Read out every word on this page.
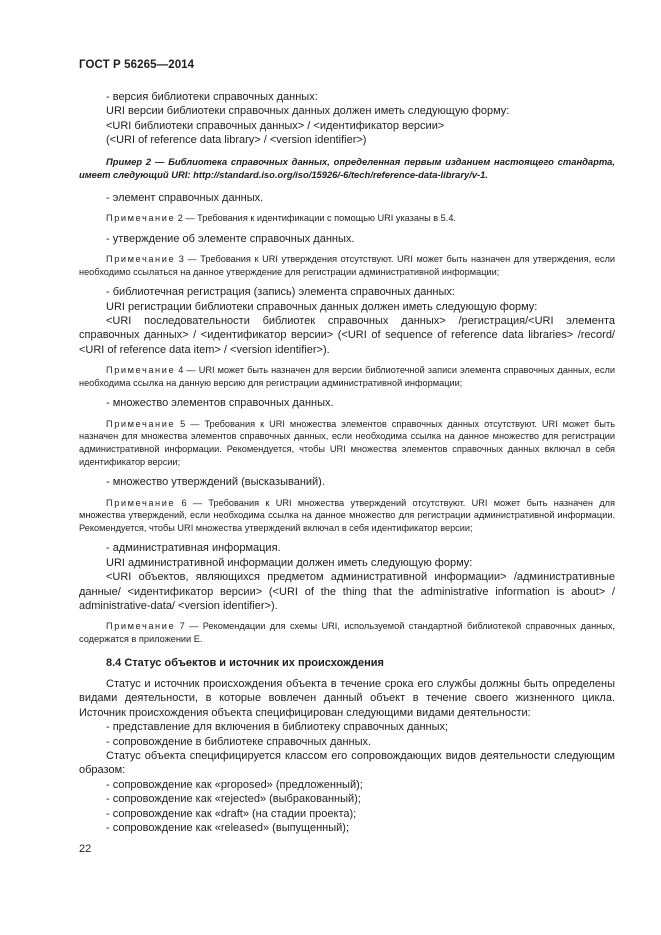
ГОСТ Р 56265—2014

- версия библиотеки справочных данных:

URI версии библиотеки справочных данных должен иметь следующую форму:

<URI библиотеки справочных данных> / <идентификатор версии>

(<URI of reference data library> / <version identifier>)

Пример 2 — Библиотека справочных данных, определенная первым изданием настоящего стандарта, имеет следующий URI: http://standard.iso.org/iso/15926/-6/tech/reference-data-library/v-1.

- элемент справочных данных.

Примечание 2 — Требования к идентификации с помощью URI указаны в 5.4.

- утверждение об элементе справочных данных.

Примечание 3 — Требования к URI утверждения отсутствуют. URI может быть назначен для утверждения, если необходимо ссылаться на данное утверждение для регистрации административной информации;

- библиотечная регистрация (запись) элемента справочных данных:

URI регистрации библиотеки справочных данных должен иметь следующую форму:

<URI последовательности библиотек справочных данных> /регистрация/<URI элемента справочных данных> / <идентификатор версии> (<URI of sequence of reference data libraries> /record/ <URI of reference data item> / <version identifier>).

Примечание 4 — URI может быть назначен для версии библиотечной записи элемента справочных данных, если необходима ссылка на данную версию для регистрации административной информации;

- множество элементов справочных данных.

Примечание 5 — Требования к URI множества элементов справочных данных отсутствуют. URI может быть назначен для множества элементов справочных данных, если необходима ссылка на данное множество для регистрации административной информации. Рекомендуется, чтобы URI множества элементов справочных данных включал в себя идентификатор версии;

- множество утверждений (высказываний).

Примечание 6 — Требования к URI множества утверждений отсутствуют. URI может быть назначен для множества утверждений, если необходима ссылка на данное множество для регистрации административной информации. Рекомендуется, чтобы URI множества утверждений включал в себя идентификатор версии;

- административная информация.

URI административной информации должен иметь следующую форму:

<URI объектов, являющихся предметом административной информации> /административные данные/ <идентификатор версии> (<URI of the thing that the administrative information is about> / administrative-data/ <version identifier>).

Примечание 7 — Рекомендации для схемы URI, используемой стандартной библиотекой справочных данных, содержатся в приложении Е.

8.4 Статус объектов и источник их происхождения

Статус и источник происхождения объекта в течение срока его службы должны быть определены видами деятельности, в которые вовлечен данный объект в течение своего жизненного цикла. Источник происхождения объекта специфицирован следующими видами деятельности:

- представление для включения в библиотеку справочных данных;

- сопровождение в библиотеке справочных данных.

Статус объекта специфицируется классом его сопровождающих видов деятельности следующим образом:

- сопровождение как «proposed» (предложенный);

- сопровождение как «rejected» (выбракованный);

- сопровождение как «draft» (на стадии проекта);

- сопровождение как «released» (выпущенный);

22
